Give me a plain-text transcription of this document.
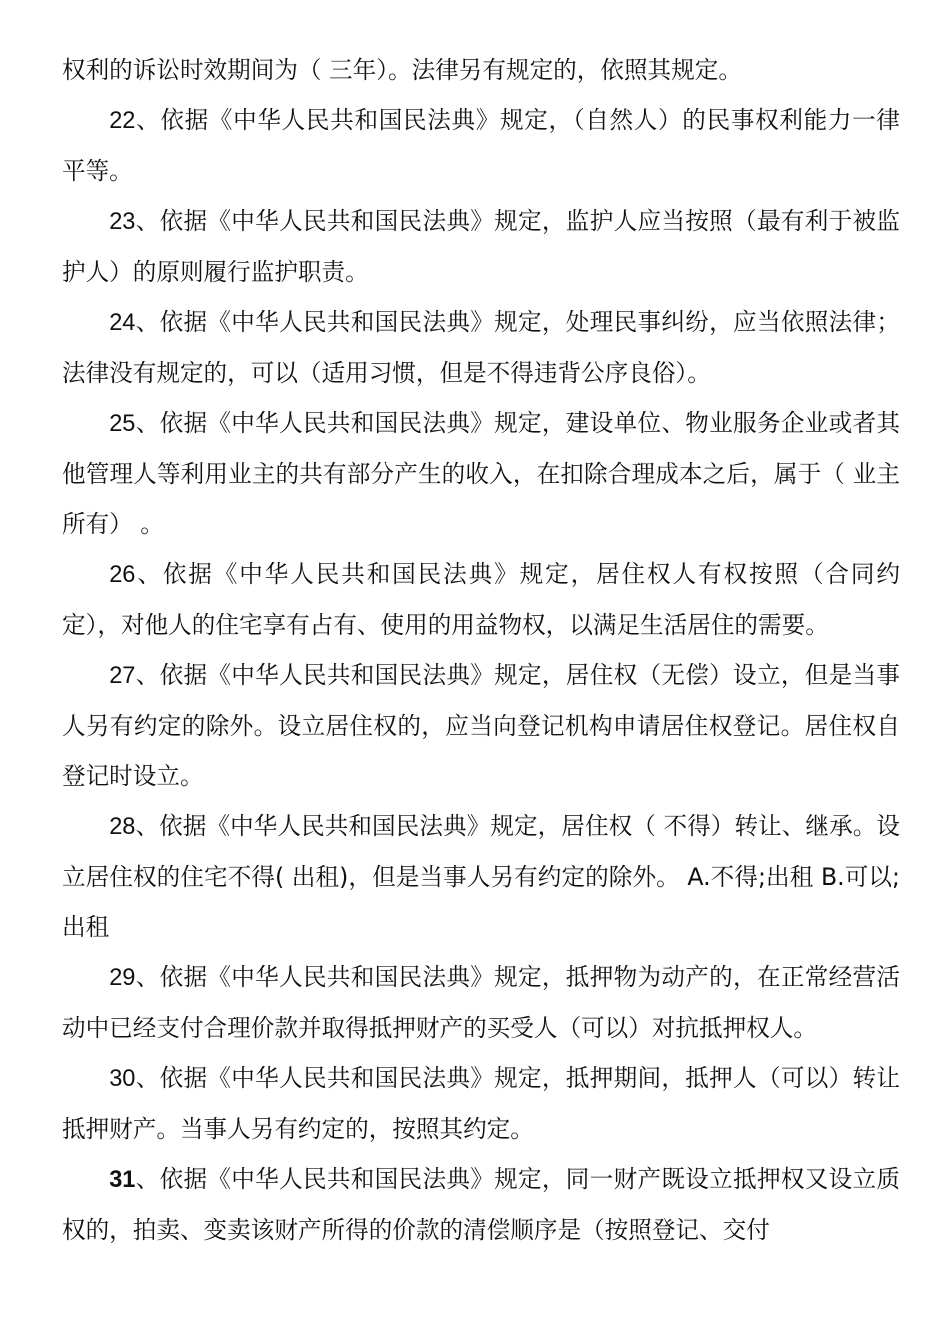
权利的诉讼时效期间为（ 三年）。法律另有规定的，依照其规定。

22、依据《中华人民共和国民法典》规定，（自然人）的民事权利能力一律平等。

23、依据《中华人民共和国民法典》规定，监护人应当按照（最有利于被监护人）的原则履行监护职责。

24、依据《中华人民共和国民法典》规定，处理民事纠纷，应当依照法律；法律没有规定的，可以（适用习惯，但是不得违背公序良俗）。

25、依据《中华人民共和国民法典》规定，建设单位、物业服务企业或者其他管理人等利用业主的共有部分产生的收入，在扣除合理成本之后，属于（ 业主所有） 。

26、依据《中华人民共和国民法典》规定，居住权人有权按照（合同约定），对他人的住宅享有占有、使用的用益物权，以满足生活居住的需要。

27、依据《中华人民共和国民法典》规定，居住权（无偿）设立，但是当事人另有约定的除外。设立居住权的，应当向登记机构申请居住权登记。居住权自登记时设立。

28、依据《中华人民共和国民法典》规定，居住权（ 不得）转让、继承。设立居住权的住宅不得( 出租)，但是当事人另有约定的除外。 A.不得;出租 B.可以;出租

29、依据《中华人民共和国民法典》规定，抵押物为动产的，在正常经营活动中已经支付合理价款并取得抵押财产的买受人（可以）对抗抵押权人。

30、依据《中华人民共和国民法典》规定，抵押期间，抵押人（可以）转让抵押财产。当事人另有约定的，按照其约定。

31、依据《中华人民共和国民法典》规定，同一财产既设立抵押权又设立质权的，拍卖、变卖该财产所得的价款的清偿顺序是（按照登记、交付
